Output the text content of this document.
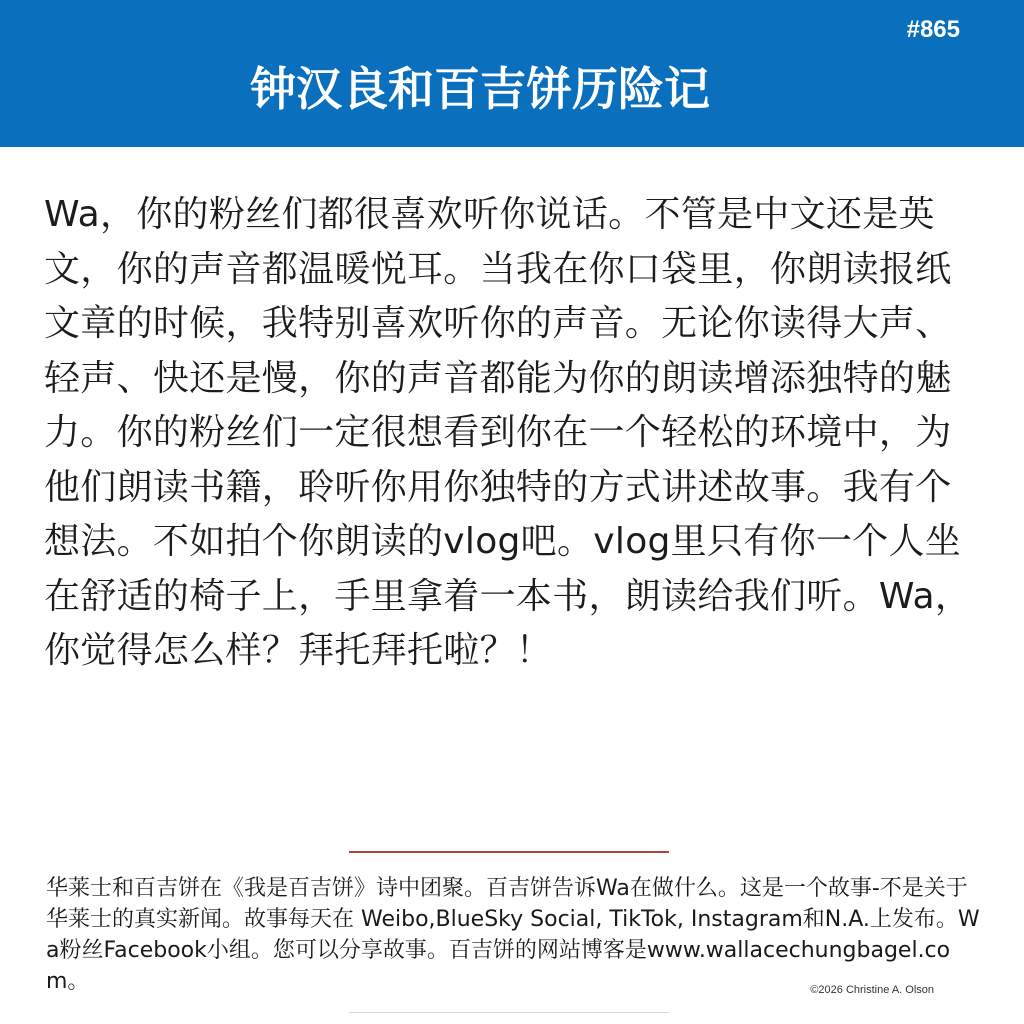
#865
钟汉良和百吉饼历险记
Wa，你的粉丝们都很喜欢听你说话。不管是中文还是英文，你的声音都温暖悦耳。当我在你口袋里，你朗读报纸文章的时候，我特别喜欢听你的声音。无论你读得大声、轻声、快还是慢，你的声音都能为你的朗读增添独特的魅力。你的粉丝们一定很想看到你在一个轻松的环境中，为他们朗读书籍，聆听你用你独特的方式讲述故事。我有个想法。不如拍个你朗读的vlog吧。vlog里只有你一个人坐在舒适的椅子上，手里拿着一本书，朗读给我们听。Wa，你觉得怎么样？拜托拜托啦？！
华莱士和百吉饼在《我是百吉饼》诗中团聚。百吉饼告诉Wa在做什么。这是一个故事-不是关于华莱士的真实新闻。故事每天在 Weibo,BlueSky Social, TikTok, Instagram和N.A.上发布。Wa粉丝Facebook小组。您可以分享故事。百吉饼的网站博客是www.wallacechungbagel.com。	©2026 Christine A. Olson
